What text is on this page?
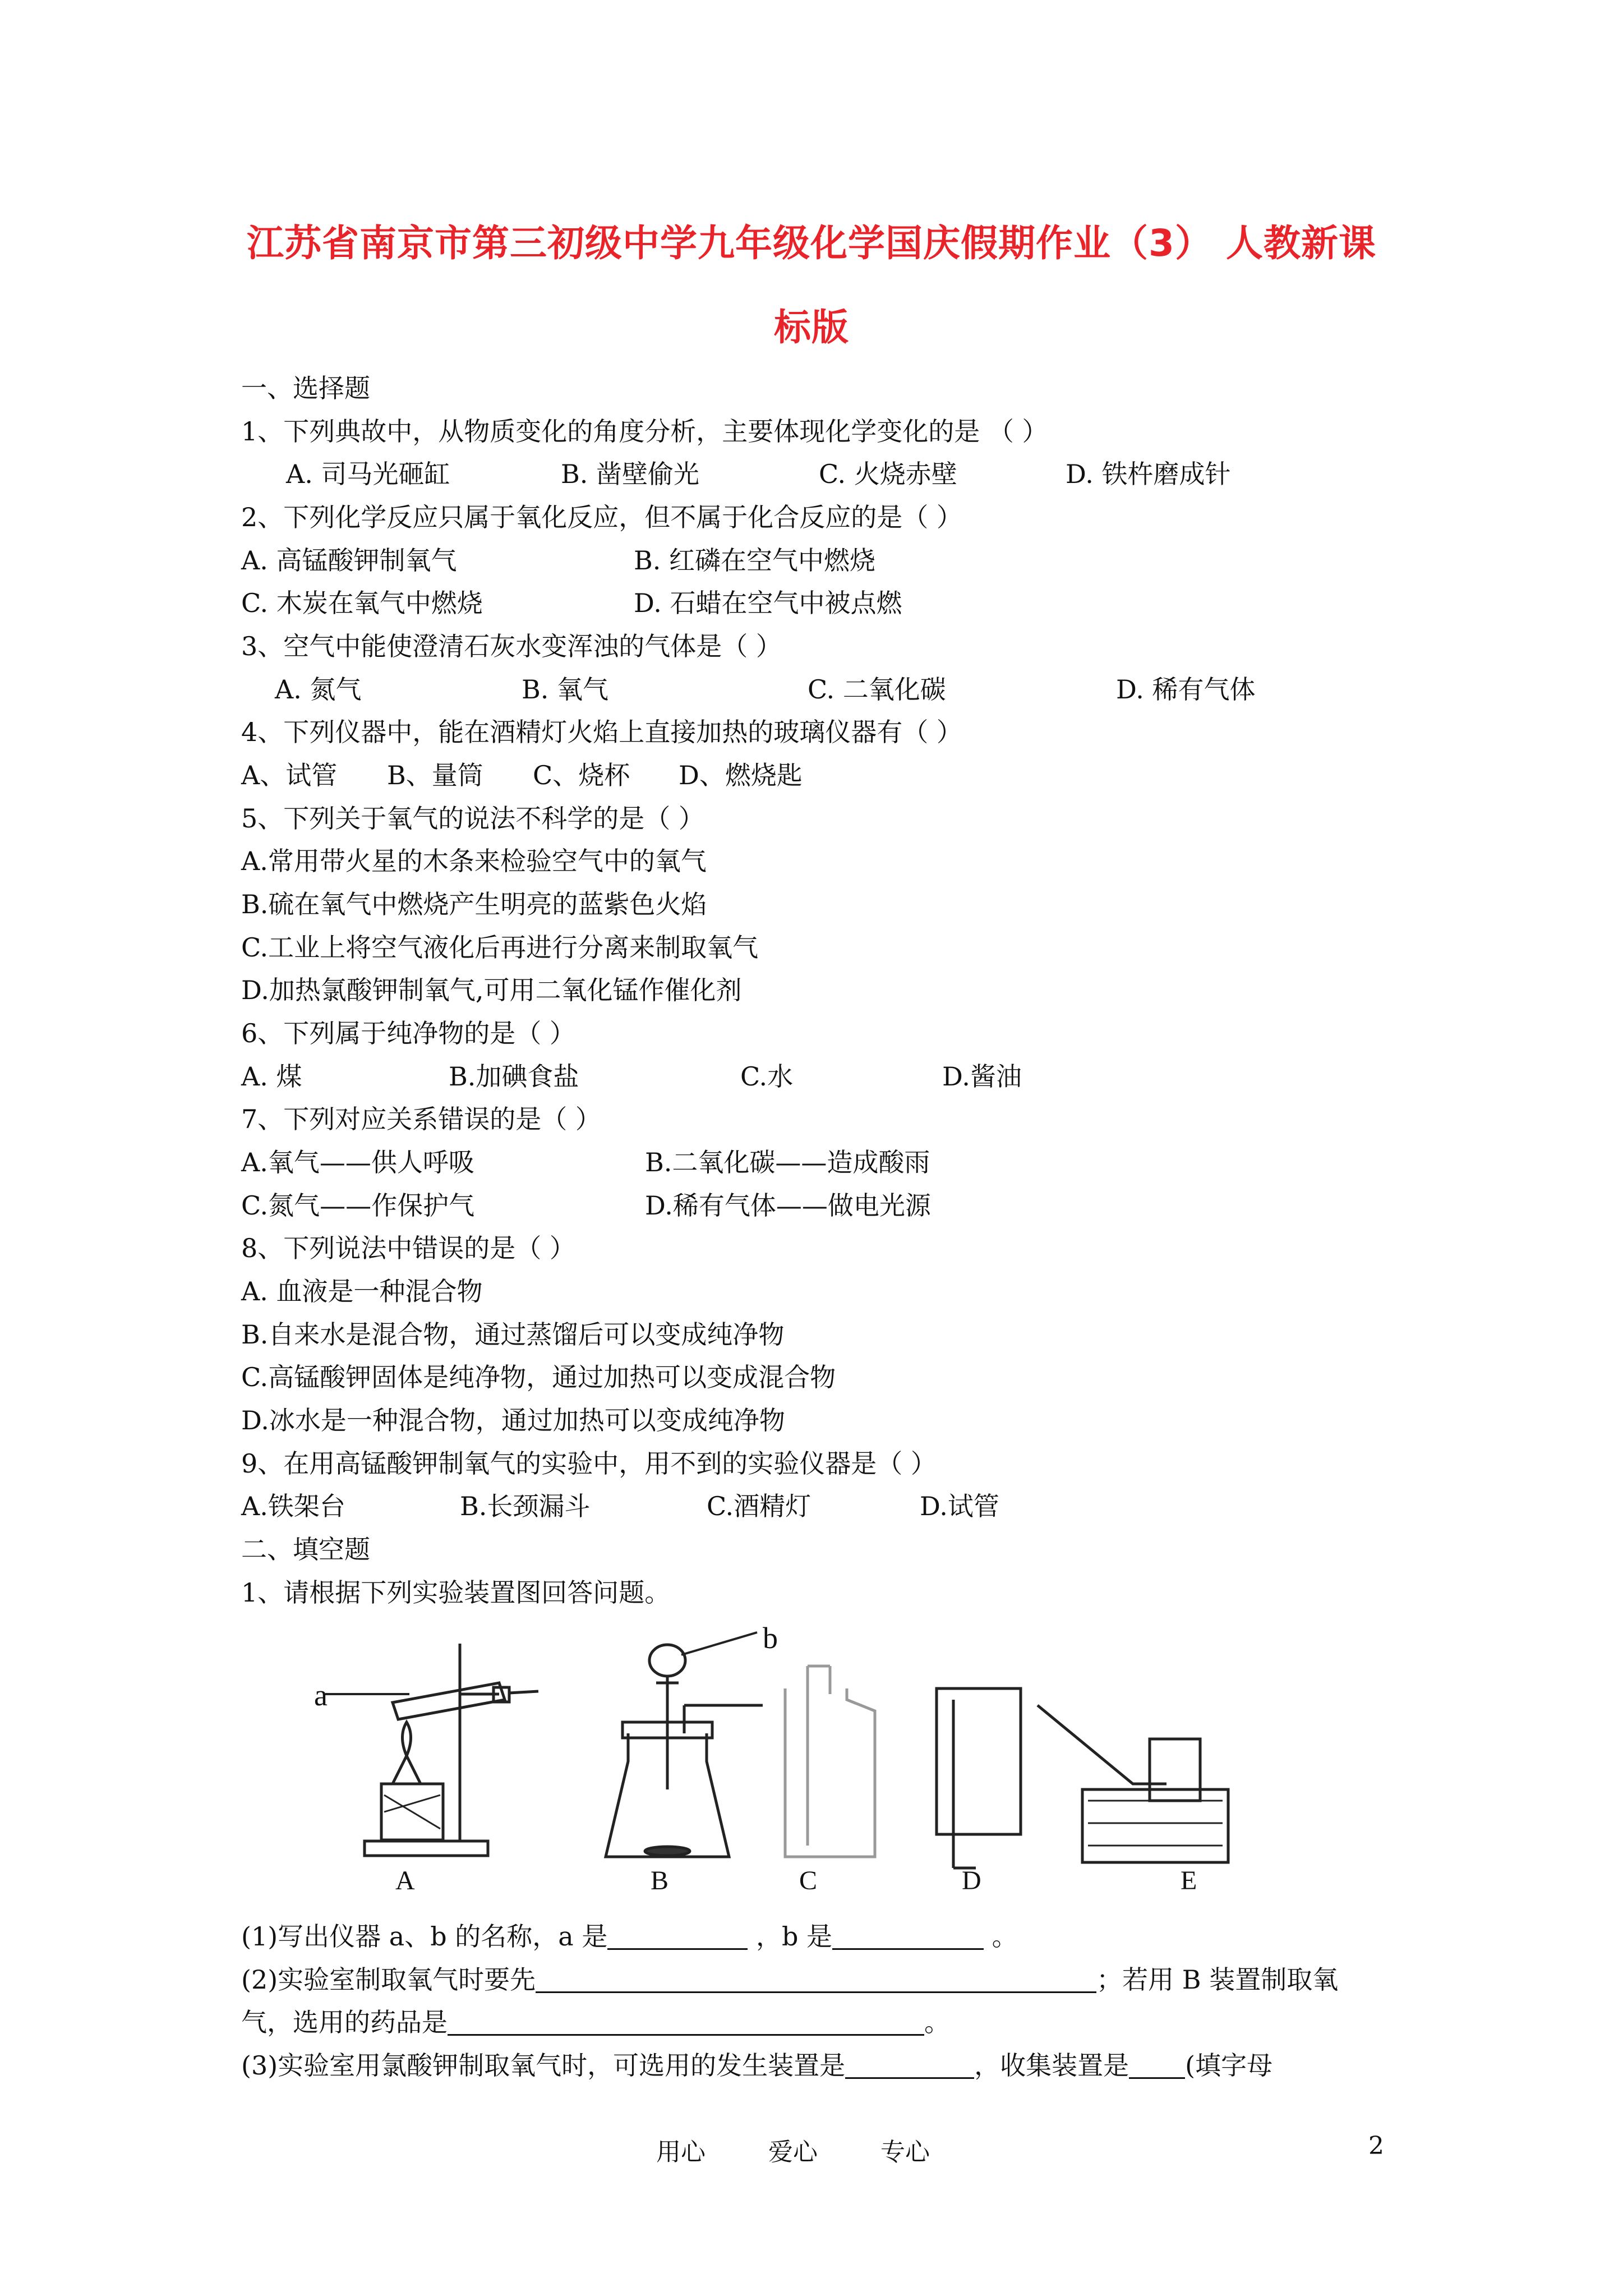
江苏省南京市第三初级中学九年级化学国庆假期作业（3） 人教新课
标版
一、选择题
1、下列典故中，从物质变化的角度分析，主要体现化学变化的是 （ ）
A. 司马光砸缸	B. 凿壁偷光	C. 火烧赤壁	D. 铁杵磨成针
2、下列化学反应只属于氧化反应，但不属于化合反应的是（ ）
A. 高锰酸钾制氧气	B. 红磷在空气中燃烧
C. 木炭在氧气中燃烧	D. 石蜡在空气中被点燃
3、空气中能使澄清石灰水变浑浊的气体是（ ）
A. 氮气	B. 氧气	C. 二氧化碳	D. 稀有气体
4、下列仪器中，能在酒精灯火焰上直接加热的玻璃仪器有（ ）
A、试管 B、量筒 C、烧杯 D、燃烧匙
5、下列关于氧气的说法不科学的是（ ）
A.常用带火星的木条来检验空气中的氧气
B.硫在氧气中燃烧产生明亮的蓝紫色火焰
C.工业上将空气液化后再进行分离来制取氧气
D.加热氯酸钾制氧气,可用二氧化锰作催化剂
6、下列属于纯净物的是（ ）
A. 煤	B.加碘食盐	C.水	D.酱油
7、下列对应关系错误的是（ ）
A.氧气——供人呼吸	B.二氧化碳——造成酸雨
C.氮气——作保护气	D.稀有气体——做电光源
8、下列说法中错误的是（ ）
A. 血液是一种混合物
B.自来水是混合物，通过蒸馏后可以变成纯净物
C.高锰酸钾固体是纯净物，通过加热可以变成混合物
D.冰水是一种混合物，通过加热可以变成纯净物
9、在用高锰酸钾制氧气的实验中，用不到的实验仪器是（ ）
A.铁架台	B.长颈漏斗	C.酒精灯	D.试管
二、填空题
1、请根据下列实验装置图回答问题。
a
b
A	B	C	D	E
(1)写出仪器 a、b 的名称，a 是	，b 是	。
(2)实验室制取氧气时要先	；若用 B 装置制取氧
气，选用的药品是	。
(3)实验室用氯酸钾制取氧气时，可选用的发生装置是	，收集装置是 (填字母
用心	爱心	专心	2
